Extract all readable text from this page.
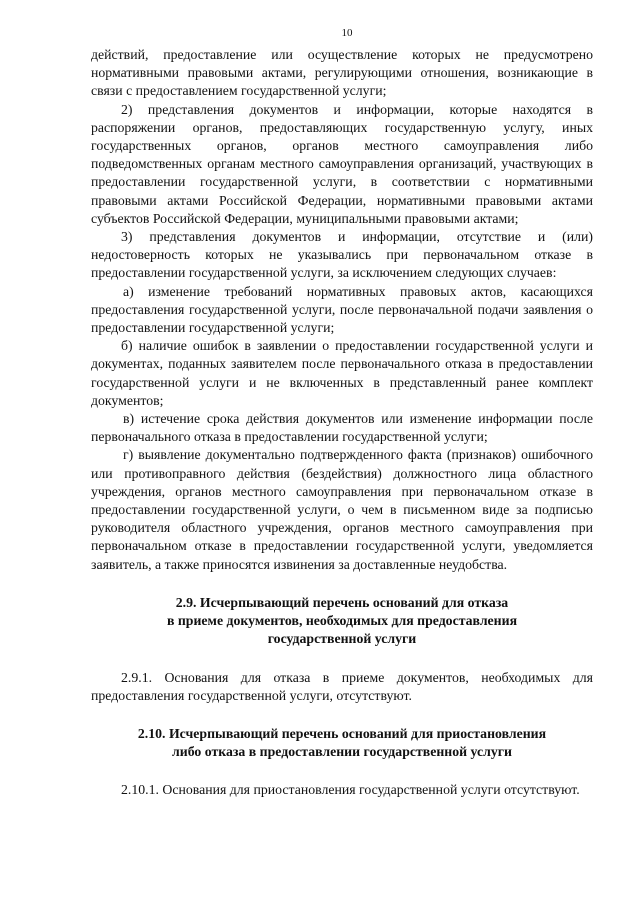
10

действий, предоставление или осуществление которых не предусмотрено нормативными правовыми актами, регулирующими отношения, возникающие в связи с предоставлением государственной услуги;

2) представления документов и информации, которые находятся в распоряжении органов, предоставляющих государственную услугу, иных государственных органов, органов местного самоуправления либо подведомственных органам местного самоуправления организаций, участвующих в предоставлении государственной услуги, в соответствии с нормативными правовыми актами Российской Федерации, нормативными правовыми актами субъектов Российской Федерации, муниципальными правовыми актами;

3) представления документов и информации, отсутствие и (или) недостоверность которых не указывались при первоначальном отказе в предоставлении государственной услуги, за исключением следующих случаев:

а) изменение требований нормативных правовых актов, касающихся предоставления государственной услуги, после первоначальной подачи заявления о предоставлении государственной услуги;

б) наличие ошибок в заявлении о предоставлении государственной услуги и документах, поданных заявителем после первоначального отказа в предоставлении государственной услуги и не включенных в представленный ранее комплект документов;

в) истечение срока действия документов или изменение информации после первоначального отказа в предоставлении государственной услуги;

г) выявление документально подтвержденного факта (признаков) ошибочного или противоправного действия (бездействия) должностного лица областного учреждения, органов местного самоуправления при первоначальном отказе в предоставлении государственной услуги, о чем в письменном виде за подписью руководителя областного учреждения, органов местного самоуправления при первоначальном отказе в предоставлении государственной услуги, уведомляется заявитель, а также приносятся извинения за доставленные неудобства.

2.9. Исчерпывающий перечень оснований для отказа
в приеме документов, необходимых для предоставления
государственной услуги

2.9.1. Основания для отказа в приеме документов, необходимых для предоставления государственной услуги, отсутствуют.

2.10. Исчерпывающий перечень оснований для приостановления
либо отказа в предоставлении государственной услуги

2.10.1. Основания для приостановления государственной услуги отсутствуют.
